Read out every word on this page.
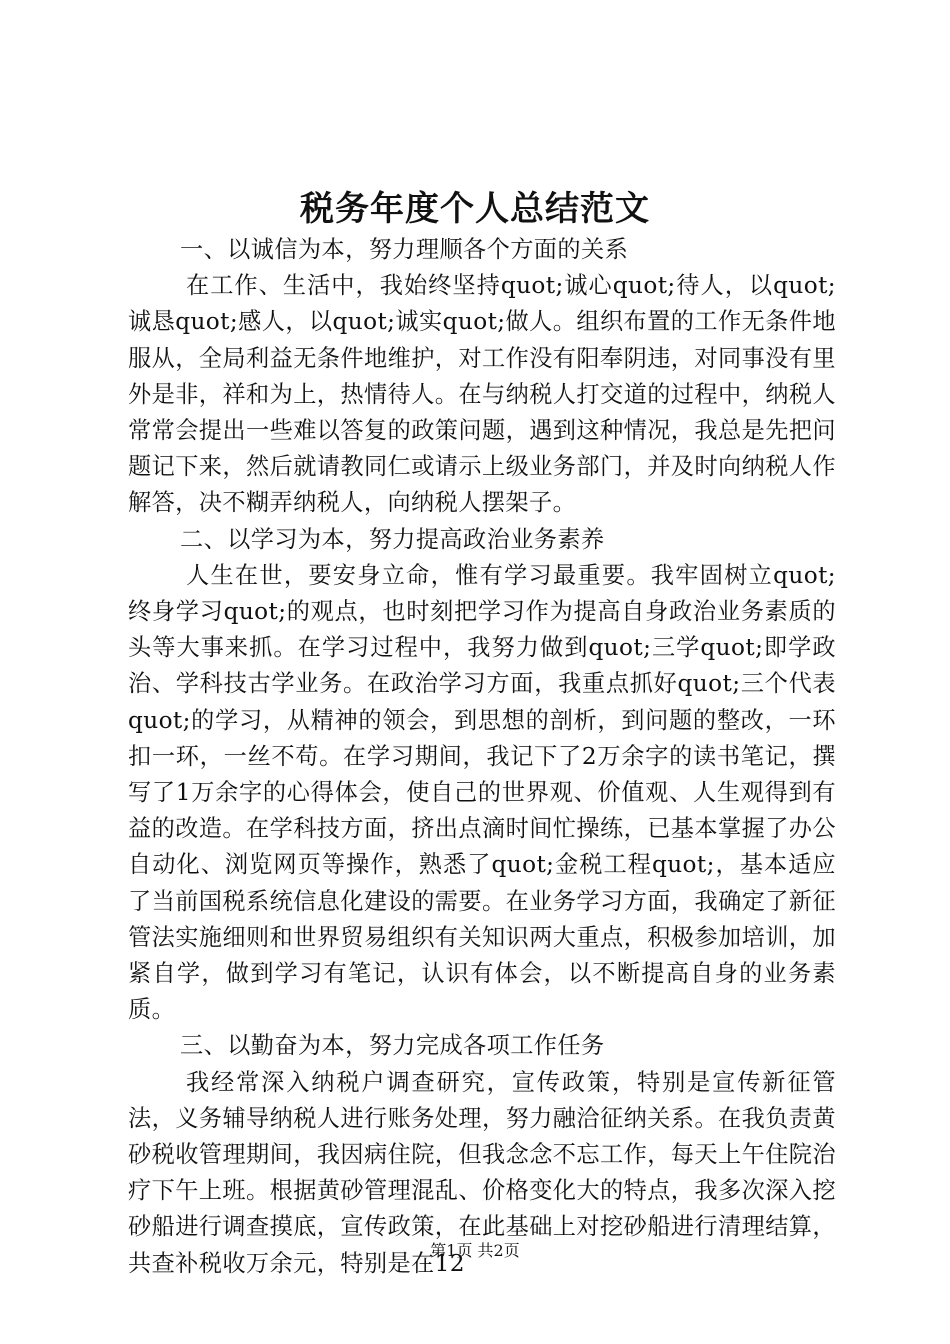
税务年度个人总结范文

一、以诚信为本，努力理顺各个方面的关系

在工作、生活中，我始终坚持quot;诚心quot;待人，以quot;诚恳quot;感人，以quot;诚实quot;做人。组织布置的工作无条件地服从，全局利益无条件地维护，对工作没有阳奉阴违，对同事没有里外是非，祥和为上，热情待人。在与纳税人打交道的过程中，纳税人常常会提出一些难以答复的政策问题，遇到这种情况，我总是先把问题记下来，然后就请教同仁或请示上级业务部门，并及时向纳税人作解答，决不糊弄纳税人，向纳税人摆架子。

二、以学习为本，努力提高政治业务素养

人生在世，要安身立命，惟有学习最重要。我牢固树立quot;终身学习quot;的观点，也时刻把学习作为提高自身政治业务素质的头等大事来抓。在学习过程中，我努力做到quot;三学quot;即学政治、学科技古学业务。在政治学习方面，我重点抓好quot;三个代表quot;的学习，从精神的领会，到思想的剖析，到问题的整改，一环扣一环，一丝不苟。在学习期间，我记下了2万余字的读书笔记，撰写了1万余字的心得体会，使自己的世界观、价值观、人生观得到有益的改造。在学科技方面，挤出点滴时间忙操练，已基本掌握了办公自动化、浏览网页等操作，熟悉了quot;金税工程quot;，基本适应了当前国税系统信息化建设的需要。在业务学习方面，我确定了新征管法实施细则和世界贸易组织有关知识两大重点，积极参加培训，加紧自学，做到学习有笔记，认识有体会，以不断提高自身的业务素质。

三、以勤奋为本，努力完成各项工作任务

我经常深入纳税户调查研究，宣传政策，特别是宣传新征管法，义务辅导纳税人进行账务处理，努力融洽征纳关系。在我负责黄砂税收管理期间，我因病住院，但我念念不忘工作，每天上午住院治疗下午上班。根据黄砂管理混乱、价格变化大的特点，我多次深入挖砂船进行调查摸底，宣传政策，在此基础上对挖砂船进行清理结算，共查补税收万余元，特别是在12

第1页 共2页
